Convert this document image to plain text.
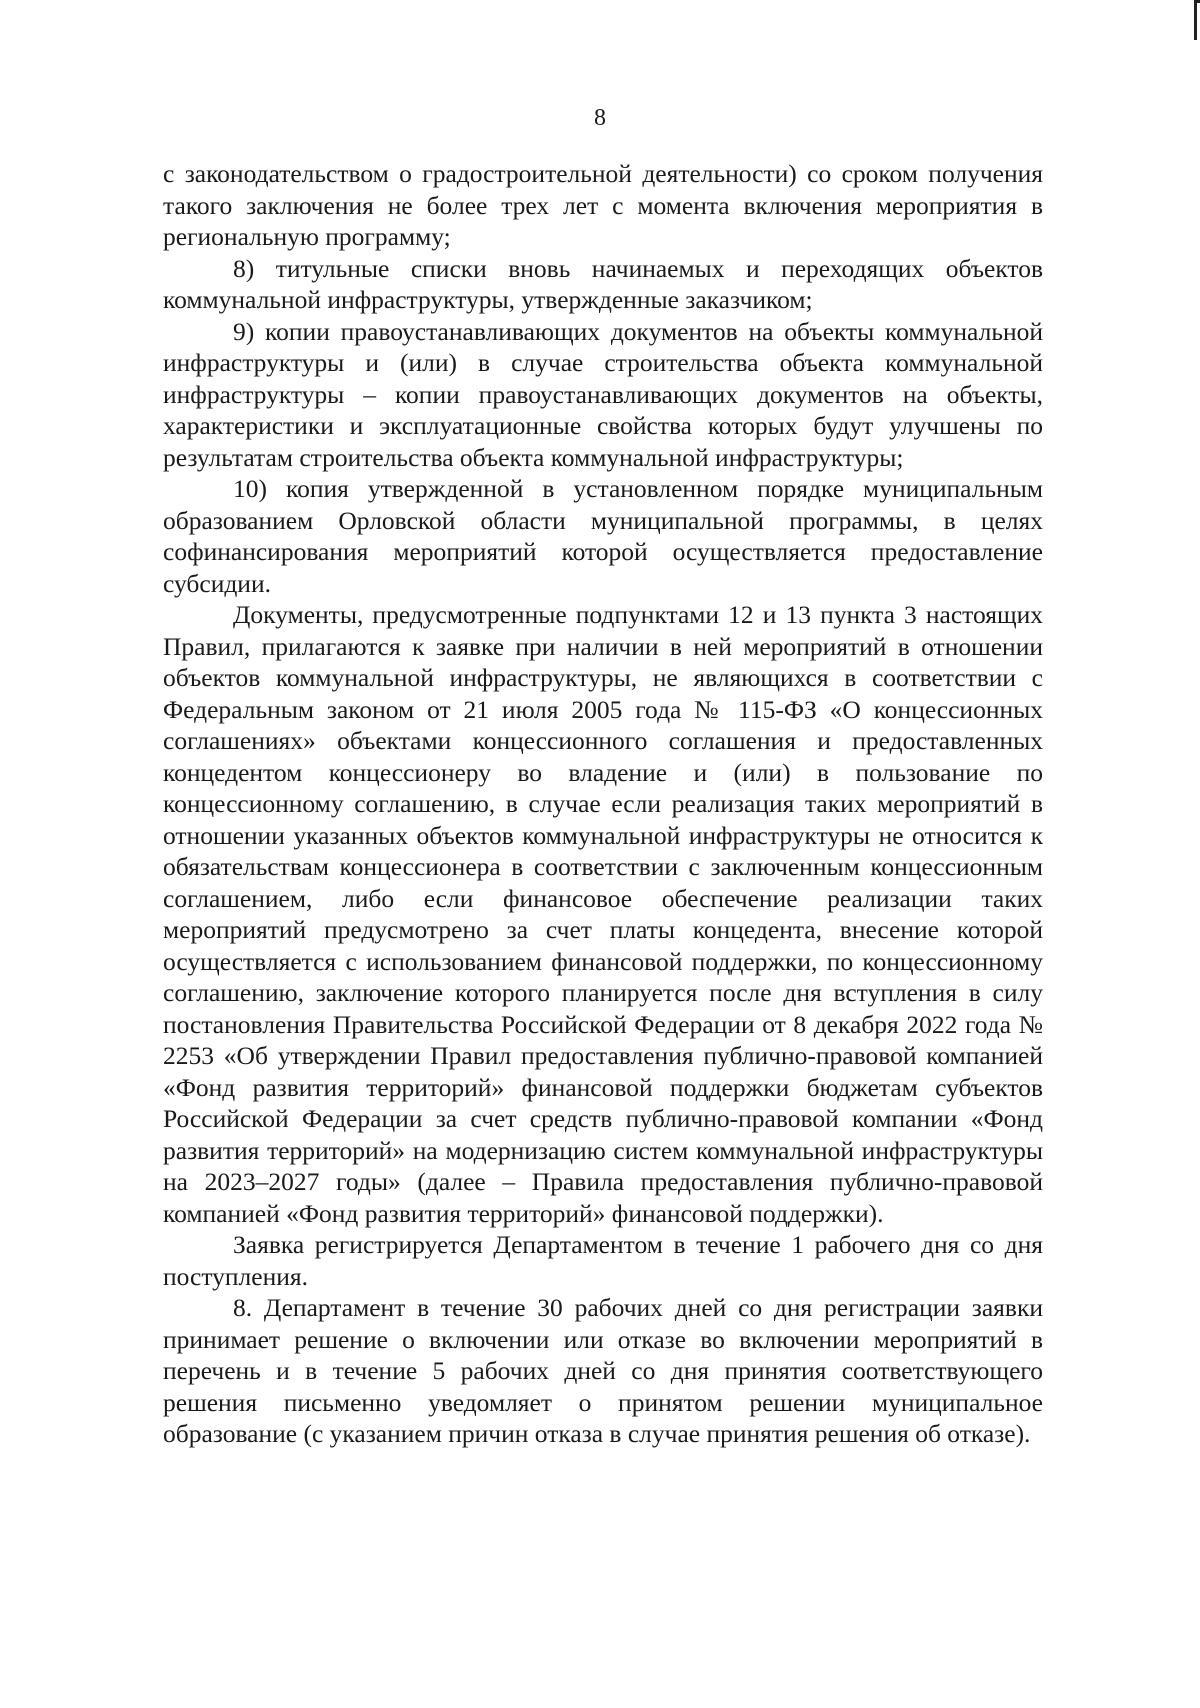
8

с законодательством о градостроительной деятельности) со сроком получения такого заключения не более трех лет с момента включения мероприятия в региональную программу;

8) титульные списки вновь начинаемых и переходящих объектов коммунальной инфраструктуры, утвержденные заказчиком;

9) копии правоустанавливающих документов на объекты коммунальной инфраструктуры и (или) в случае строительства объекта коммунальной инфраструктуры – копии правоустанавливающих документов на объекты, характеристики и эксплуатационные свойства которых будут улучшены по результатам строительства объекта коммунальной инфраструктуры;

10) копия утвержденной в установленном порядке муниципальным образованием Орловской области муниципальной программы, в целях софинансирования мероприятий которой осуществляется предоставление субсидии.

Документы, предусмотренные подпунктами 12 и 13 пункта 3 настоящих Правил, прилагаются к заявке при наличии в ней мероприятий в отношении объектов коммунальной инфраструктуры, не являющихся в соответствии с Федеральным законом от 21 июля 2005 года № 115-ФЗ «О концессионных соглашениях» объектами концессионного соглашения и предоставленных концедентом концессионеру во владение и (или) в пользование по концессионному соглашению, в случае если реализация таких мероприятий в отношении указанных объектов коммунальной инфраструктуры не относится к обязательствам концессионера в соответствии с заключенным концессионным соглашением, либо если финансовое обеспечение реализации таких мероприятий предусмотрено за счет платы концедента, внесение которой осуществляется с использованием финансовой поддержки, по концессионному соглашению, заключение которого планируется после дня вступления в силу постановления Правительства Российской Федерации от 8 декабря 2022 года № 2253 «Об утверждении Правил предоставления публично-правовой компанией «Фонд развития территорий» финансовой поддержки бюджетам субъектов Российской Федерации за счет средств публично-правовой компании «Фонд развития территорий» на модернизацию систем коммунальной инфраструктуры на 2023–2027 годы» (далее – Правила предоставления публично-правовой компанией «Фонд развития территорий» финансовой поддержки).

Заявка регистрируется Департаментом в течение 1 рабочего дня со дня поступления.

8. Департамент в течение 30 рабочих дней со дня регистрации заявки принимает решение о включении или отказе во включении мероприятий в перечень и в течение 5 рабочих дней со дня принятия соответствующего решения письменно уведомляет о принятом решении муниципальное образование (с указанием причин отказа в случае принятия решения об отказе).
